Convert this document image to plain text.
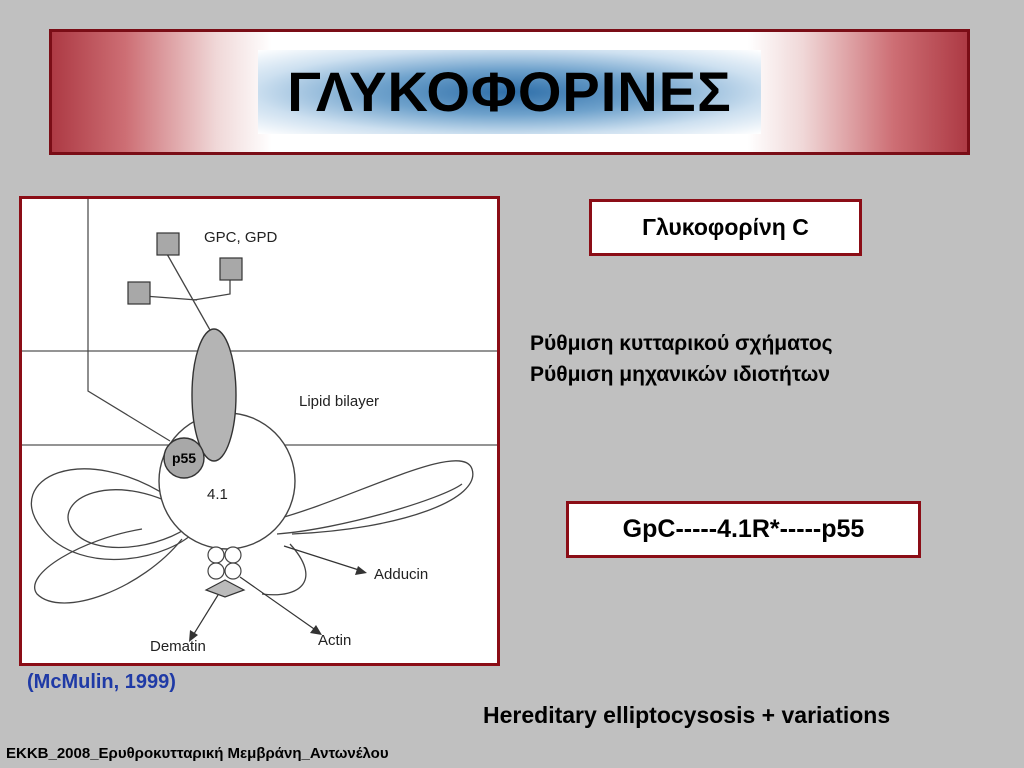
ΓΛΥΚΟΦΟΡΙΝΕΣ
GPC, GPD
Lipid bilayer
p55
4.1
Adducin
Actin
Dematin
(McMulin, 1999)
Γλυκοφορίνη C
Ρύθμιση κυτταρικού σχήματος
Ρύθμιση μηχανικών ιδιοτήτων
GpC-----4.1R*-----p55
Hereditary elliptocysosis + variations
ΕΚΚΒ_2008_Ερυθροκυτταρική Μεμβράνη_Αντωνέλου
